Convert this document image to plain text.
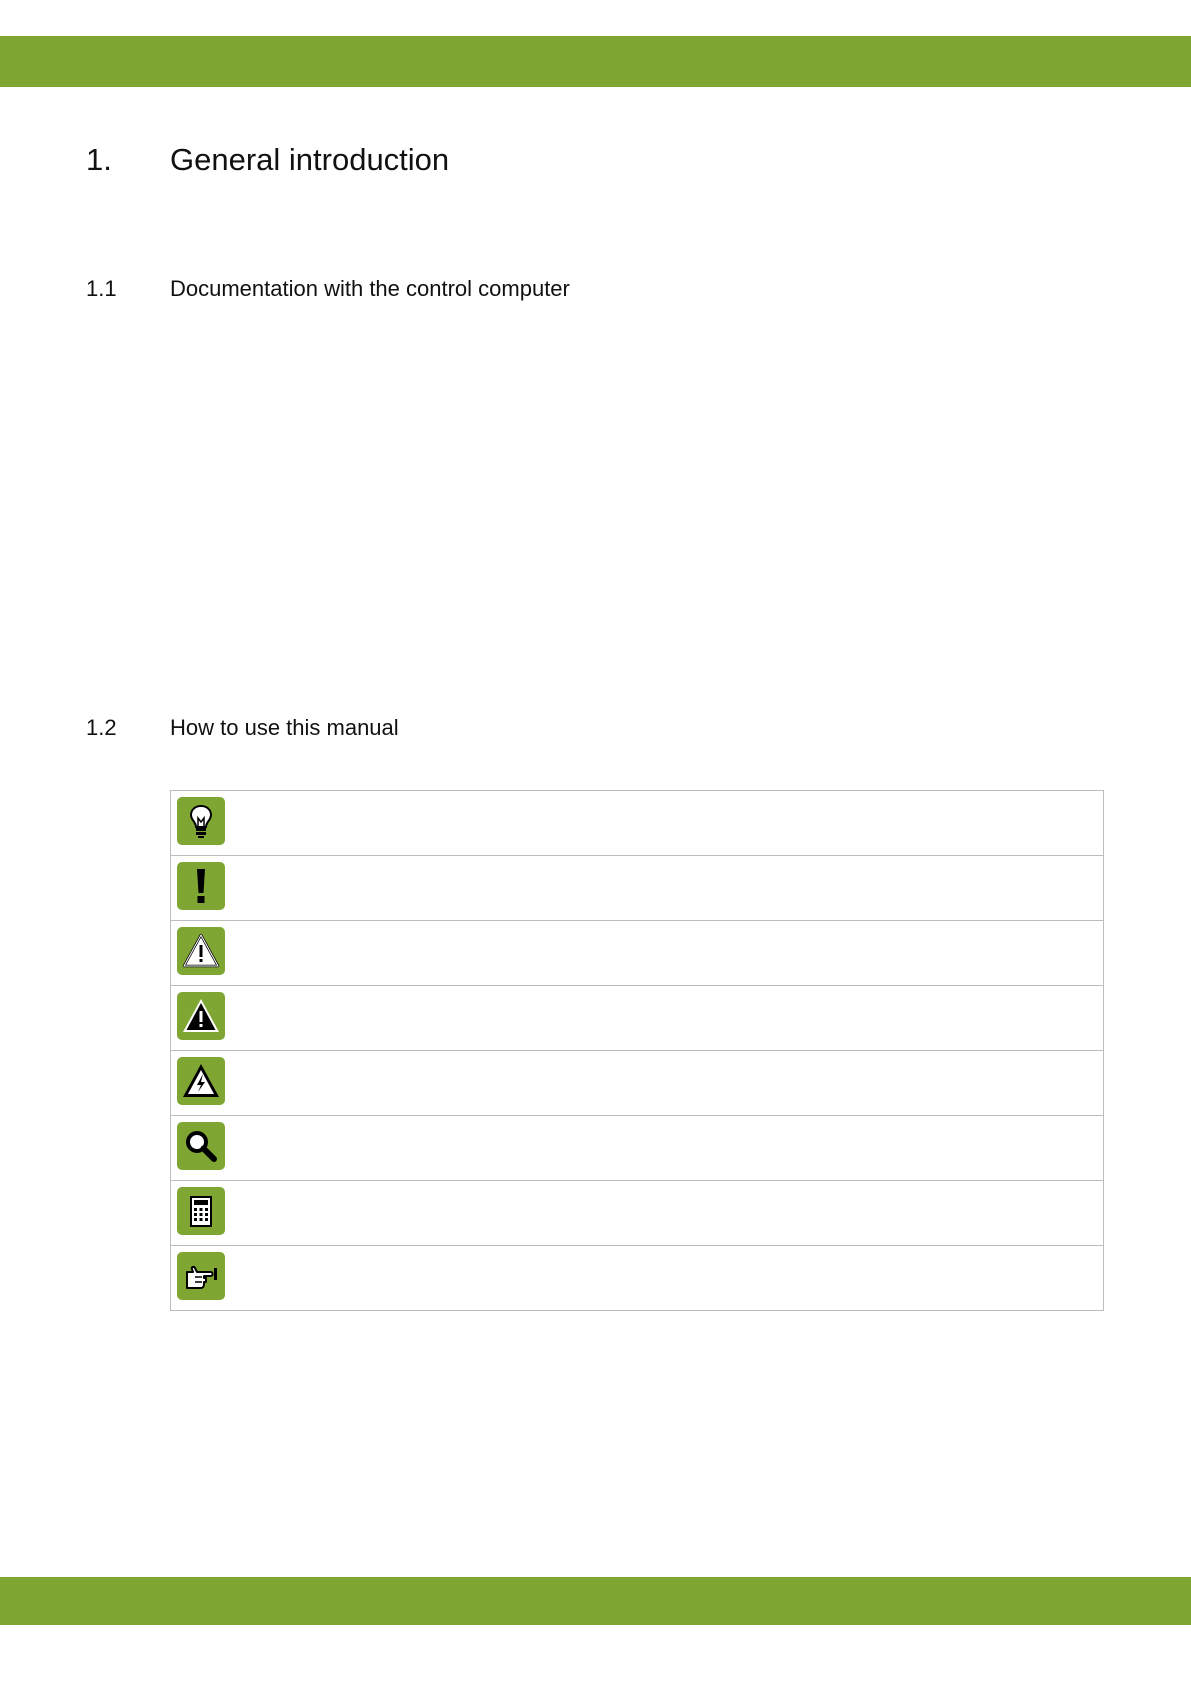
1.	General introduction
1.1	Documentation with the control computer
1.2	How to use this manual
